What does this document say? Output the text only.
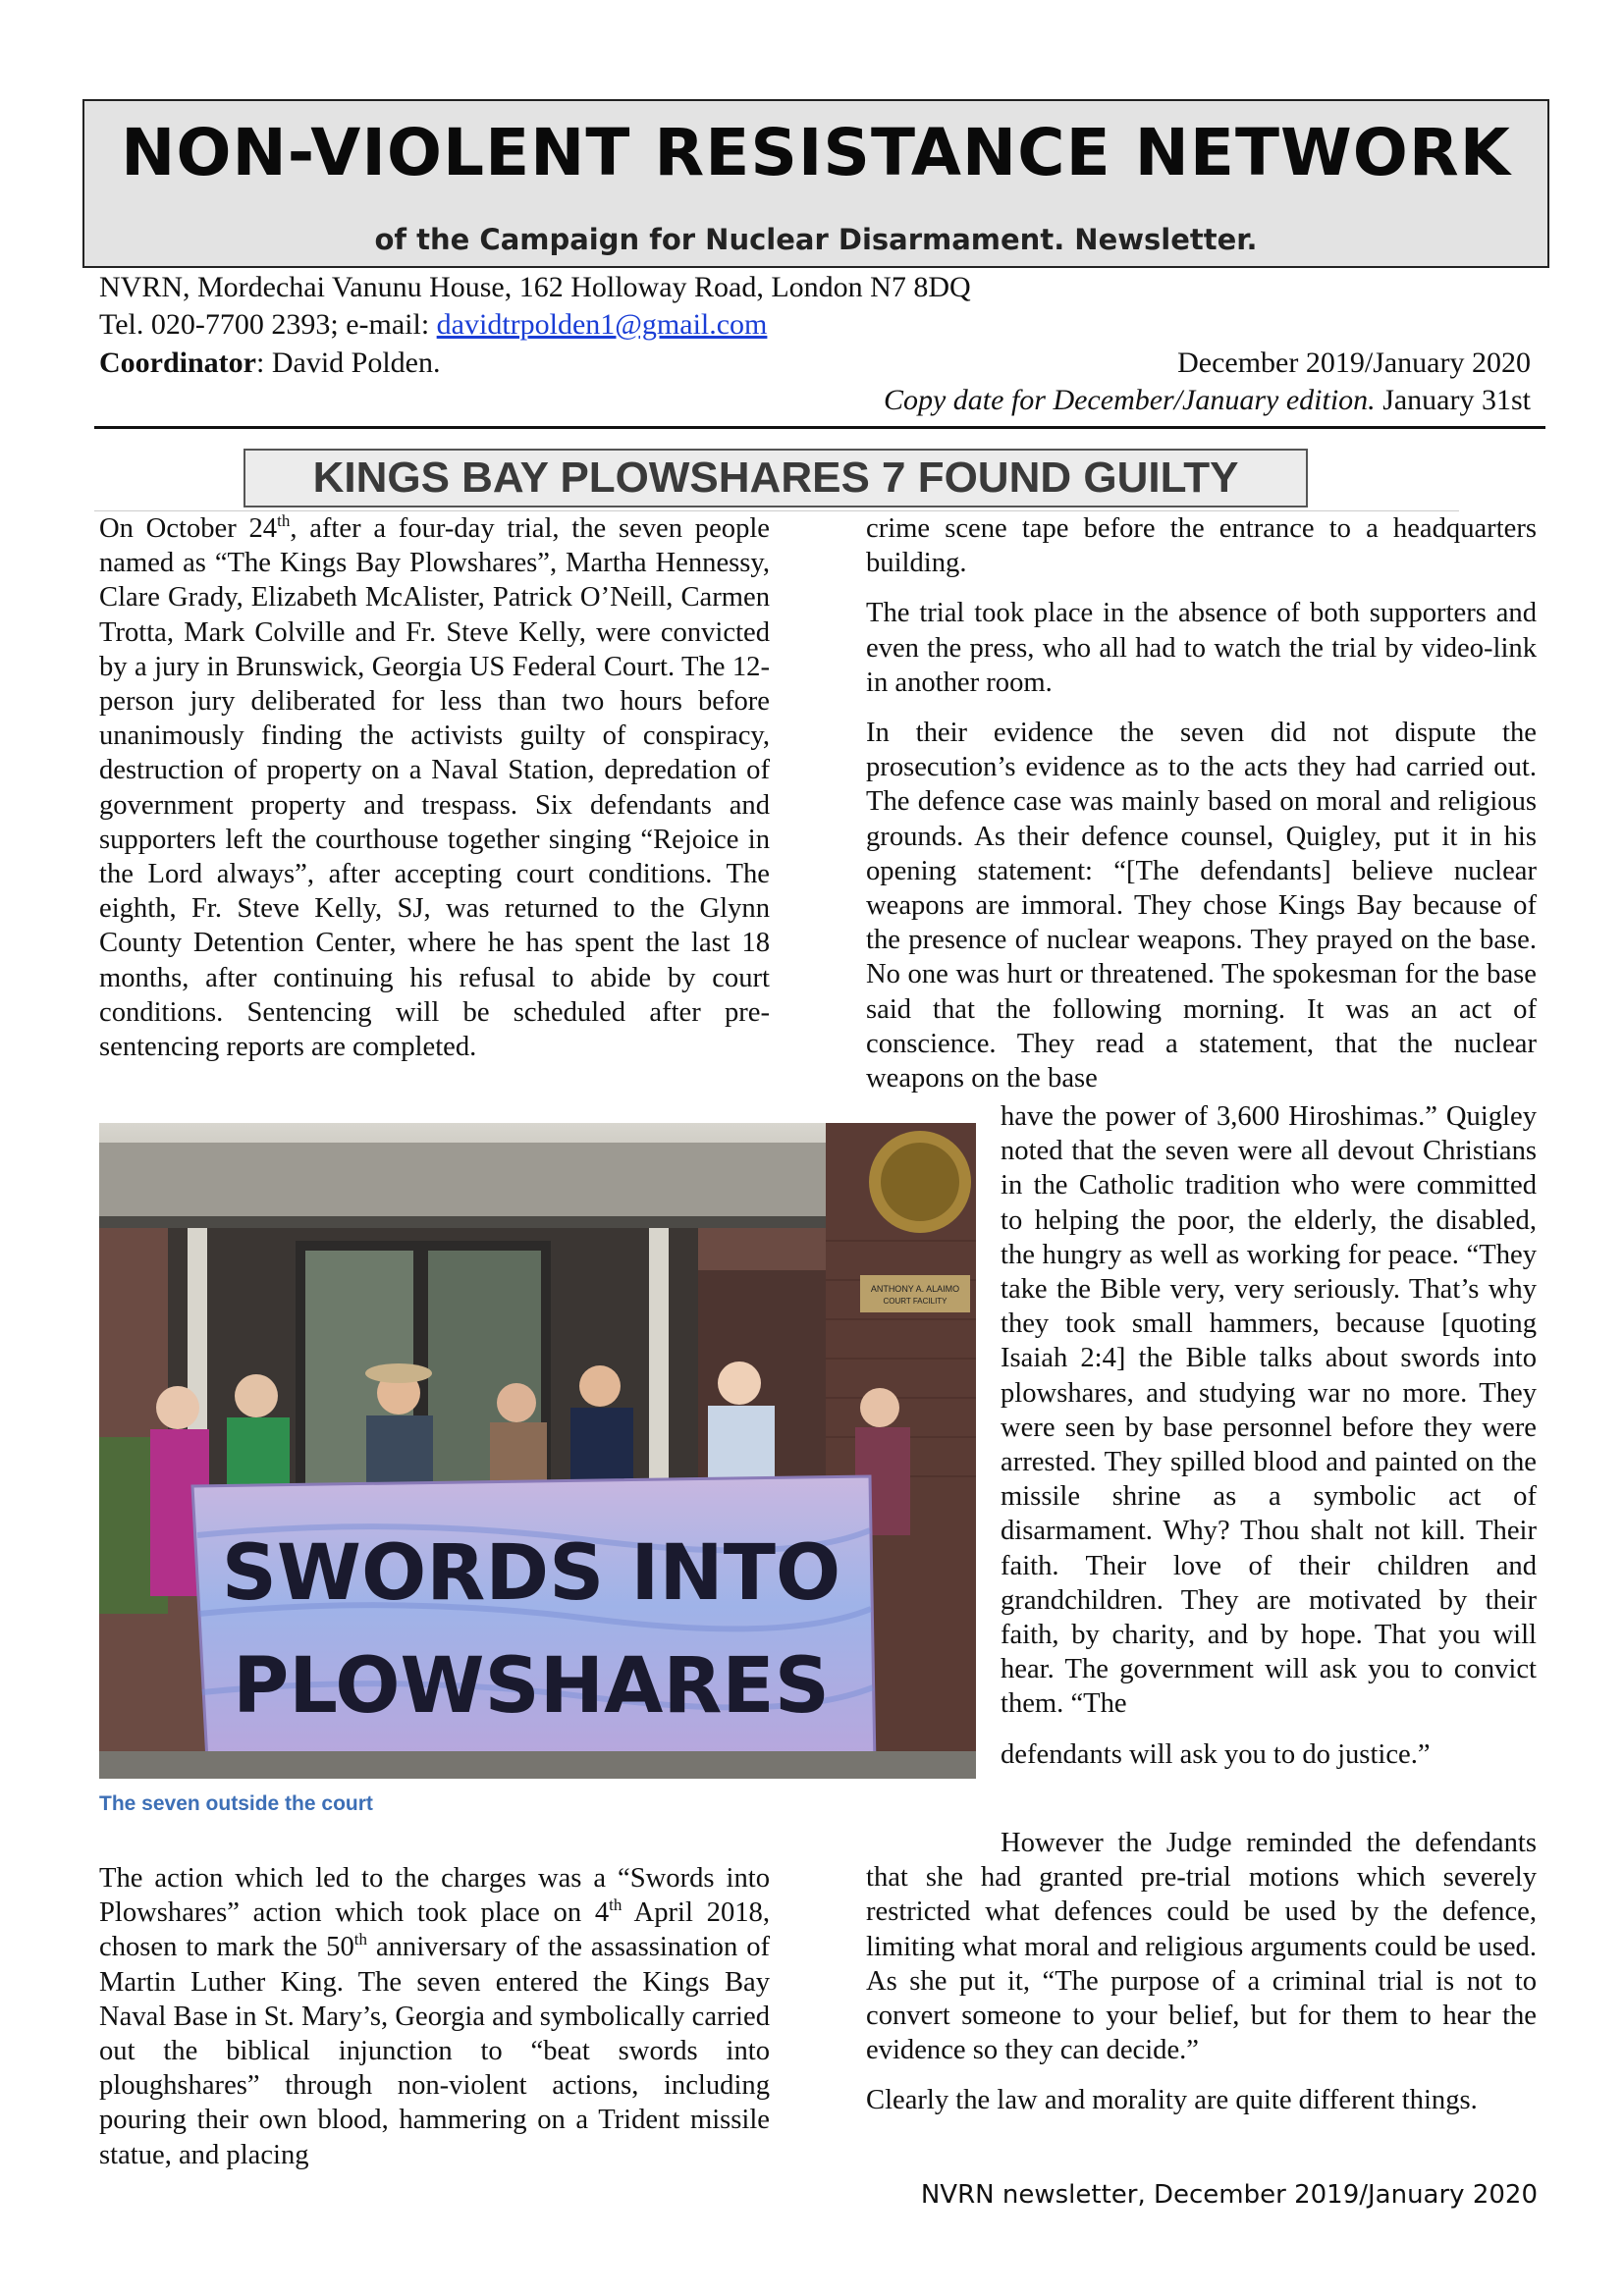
NON-VIOLENT RESISTANCE NETWORK
of the Campaign for Nuclear Disarmament. Newsletter.
NVRN, Mordechai Vanunu House, 162 Holloway Road, London N7 8DQ
Tel. 020-7700 2393; e-mail: davidtrpolden1@gmail.com
Coordinator: David Polden.	December 2019/January 2020
Copy date for December/January edition. January 31st
KINGS BAY PLOWSHARES 7 FOUND GUILTY

On October 24th, after a four-day trial, the seven people named as “The Kings Bay Plowshares”, Martha Hennessy, Clare Grady, Elizabeth McAlister, Patrick O’Neill, Carmen Trotta, Mark Colville and Fr. Steve Kelly, were convicted by a jury in Brunswick, Georgia US Federal Court. The 12-person jury deliberated for less than two hours before unanimously finding the activists guilty of conspiracy, destruction of property on a Naval Station, depredation of government property and trespass. Six defendants and supporters left the courthouse together singing “Rejoice in the Lord always”, after accepting court conditions. The eighth, Fr. Steve Kelly, SJ, was returned to the Glynn County Detention Center, where he has spent the last 18 months, after continuing his refusal to abide by court conditions. Sentencing will be scheduled after pre-sentencing reports are completed.

ANTHONY A. ALAIMO
COURT FACILITY
SWORDS INTO
PLOWSHARES
The seven outside the court

The action which led to the charges was a “Swords into Plowshares” action which took place on 4th April 2018, chosen to mark the 50th anniversary of the assassination of Martin Luther King. The seven entered the Kings Bay Naval Base in St. Mary’s, Georgia and symbolically carried out the biblical injunction to “beat swords into ploughshares” through non-violent actions, including pouring their own blood, hammering on a Trident missile statue, and placing

crime scene tape before the entrance to a headquarters building.

The trial took place in the absence of both supporters and even the press, who all had to watch the trial by video-link in another room.

In their evidence the seven did not dispute the prosecution’s evidence as to the acts they had carried out. The defence case was mainly based on moral and religious grounds. As their defence counsel, Quigley, put it in his opening statement: “[The defendants] believe nuclear weapons are immoral. They chose Kings Bay because of the presence of nuclear weapons. They prayed on the base. No one was hurt or threatened. The spokesman for the base said that the following morning. It was an act of conscience. They read a statement, that the nuclear weapons on the base

have the power of 3,600 Hiroshimas.” Quigley noted that the seven were all devout Christians in the Catholic tradition who were committed to helping the poor, the elderly, the disabled, the hungry as well as working for peace. “They take the Bible very, very seriously. That’s why they took small hammers, because [quoting Isaiah 2:4] the Bible talks about swords into plowshares, and studying war no more. They were seen by base personnel before they were arrested. They spilled blood and painted on the missile shrine as a symbolic act of disarmament. Why? Thou shalt not kill. Their faith. Their love of their children and grandchildren. They are motivated by their faith, by charity, and by hope. That you will hear. The government will ask you to convict them. “The

defendants will ask you to do justice.”

However the Judge reminded the defendants that she had granted pre-trial motions which severely restricted what defences could be used by the defence, limiting what moral and religious arguments could be used. As she put it, “The purpose of a criminal trial is not to convert someone to your belief, but for them to hear the evidence so they can decide.”

Clearly the law and morality are quite different things.

NVRN newsletter, December 2019/January 2020
